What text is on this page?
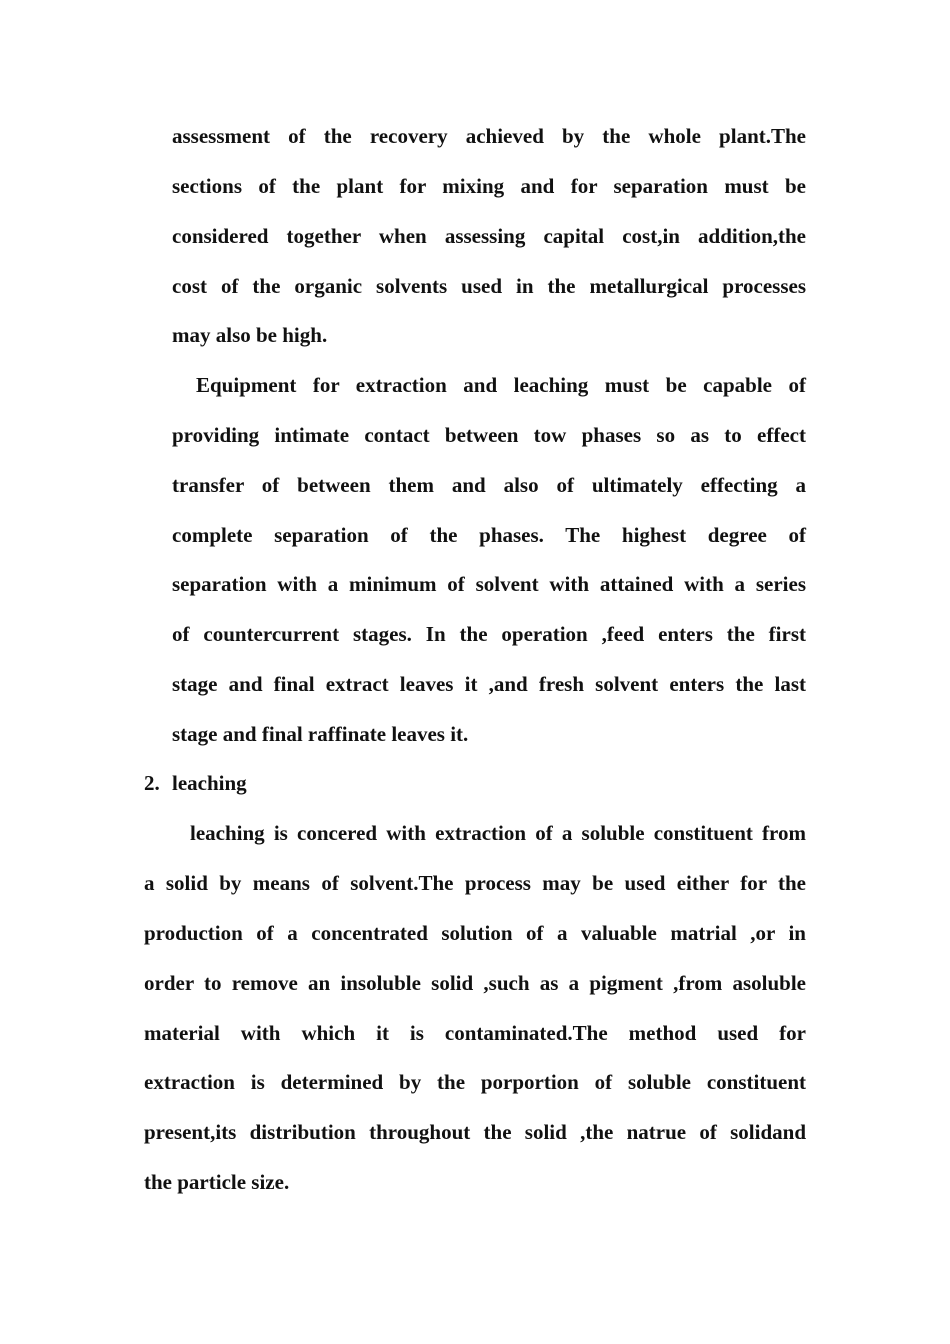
assessment of the recovery achieved by the whole plant.The
sections of the plant for mixing and for separation must be
considered together when assessing capital cost,in addition,the
cost of the organic solvents used in the metallurgical processes
may also be high.
Equipment for extraction and leaching must be capable of
providing intimate contact between tow phases so as to effect
transfer of between them and also of ultimately effecting a
complete separation of the phases. The highest degree of
separation with a minimum of solvent with attained with a series
of countercurrent stages. In the operation ,feed enters the first
stage and final extract leaves it ,and fresh solvent enters the last
stage and final raffinate leaves it.
2. leaching
leaching is concered with extraction of a soluble constituent from
a solid by means of solvent.The process may be used either for the
production of a concentrated solution of a valuable matrial ,or in
order to remove an insoluble solid ,such as a pigment ,from asoluble
material with which it is contaminated.The method used for
extraction is determined by the porportion of soluble constituent
present,its distribution throughout the solid ,the natrue of solidand
the particle size.
